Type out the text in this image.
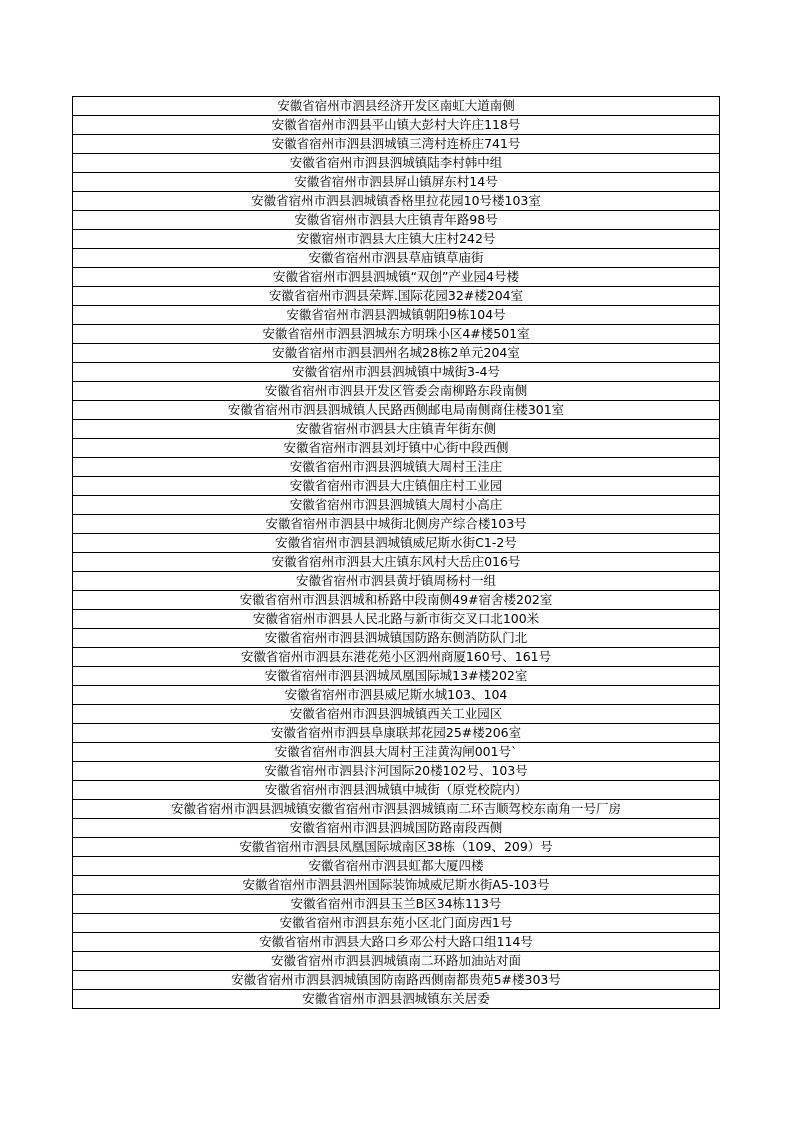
安徽省宿州市泗县经济开发区南虹大道南侧
安徽省宿州市泗县平山镇大彭村大许庄118号
安徽省宿州市泗县泗城镇三湾村连桥庄741号
安徽省宿州市泗县泗城镇陆李村韩中组
安徽省宿州市泗县屏山镇屏东村14号
安徽省宿州市泗县泗城镇香格里拉花园10号楼103室
安徽省宿州市泗县大庄镇青年路98号
安徽宿州市泗县大庄镇大庄村242号
安徽省宿州市泗县草庙镇草庙街
安徽省宿州市泗县泗城镇“双创”产业园4号楼
安徽省宿州市泗县荣辉.国际花园32#楼204室
安徽省宿州市泗县泗城镇朝阳9栋104号
安徽省宿州市泗县泗城东方明珠小区4#楼501室
安徽省宿州市泗县泗州名城28栋2单元204室
安徽省宿州市泗县泗城镇中城街3-4号
安徽省宿州市泗县开发区管委会南柳路东段南侧
安徽省宿州市泗县泗城镇人民路西侧邮电局南侧商住楼301室
安徽省宿州市泗县大庄镇青年街东侧
安徽省宿州市泗县刘圩镇中心街中段西侧
安徽省宿州市泗县泗城镇大周村王洼庄
安徽省宿州市泗县大庄镇佃庄村工业园
安徽省宿州市泗县泗城镇大周村小高庄
安徽省宿州市泗县中城街北侧房产综合楼103号
安徽省宿州市泗县泗城镇威尼斯水街C1-2号
安徽省宿州市泗县大庄镇东风村大岳庄016号
安徽省宿州市泗县黄圩镇周杨村一组
安徽省宿州市泗县泗城和桥路中段南侧49#宿舍楼202室
安徽省宿州市泗县人民北路与新市街交叉口北100米
安徽省宿州市泗县泗城镇国防路东侧消防队门北
安徽省宿州市泗县东港花苑小区泗州商厦160号、161号
安徽省宿州市泗县泗城凤凰国际城13#楼202室
安徽省宿州市泗县威尼斯水城103、104
安徽省宿州市泗县泗城镇西关工业园区
安徽省宿州市泗县阜康联邦花园25#楼206室
安徽省宿州市泗县大周村王洼黄沟闸001号`
安徽省宿州市泗县汴河国际20楼102号、103号
安徽省宿州市泗县泗城镇中城街（原党校院内）
安徽省宿州市泗县泗城镇安徽省宿州市泗县泗城镇南二环吉顺驾校东南角一号厂房
安徽省宿州市泗县泗城国防路南段西侧
安徽省宿州市泗县凤凰国际城南区38栋（109、209）号
安徽省宿州市泗县虹都大厦四楼
安徽省宿州市泗县泗州国际装饰城威尼斯水街A5-103号
安徽省宿州市泗县玉兰B区34栋113号
安徽省宿州市泗县东苑小区北门面房西1号
安徽省宿州市泗县大路口乡邓公村大路口组114号
安徽省宿州市泗县泗城镇南二环路加油站对面
安徽省宿州市泗县泗城镇国防南路西侧南都贵苑5#楼303号
安徽省宿州市泗县泗城镇东关居委
